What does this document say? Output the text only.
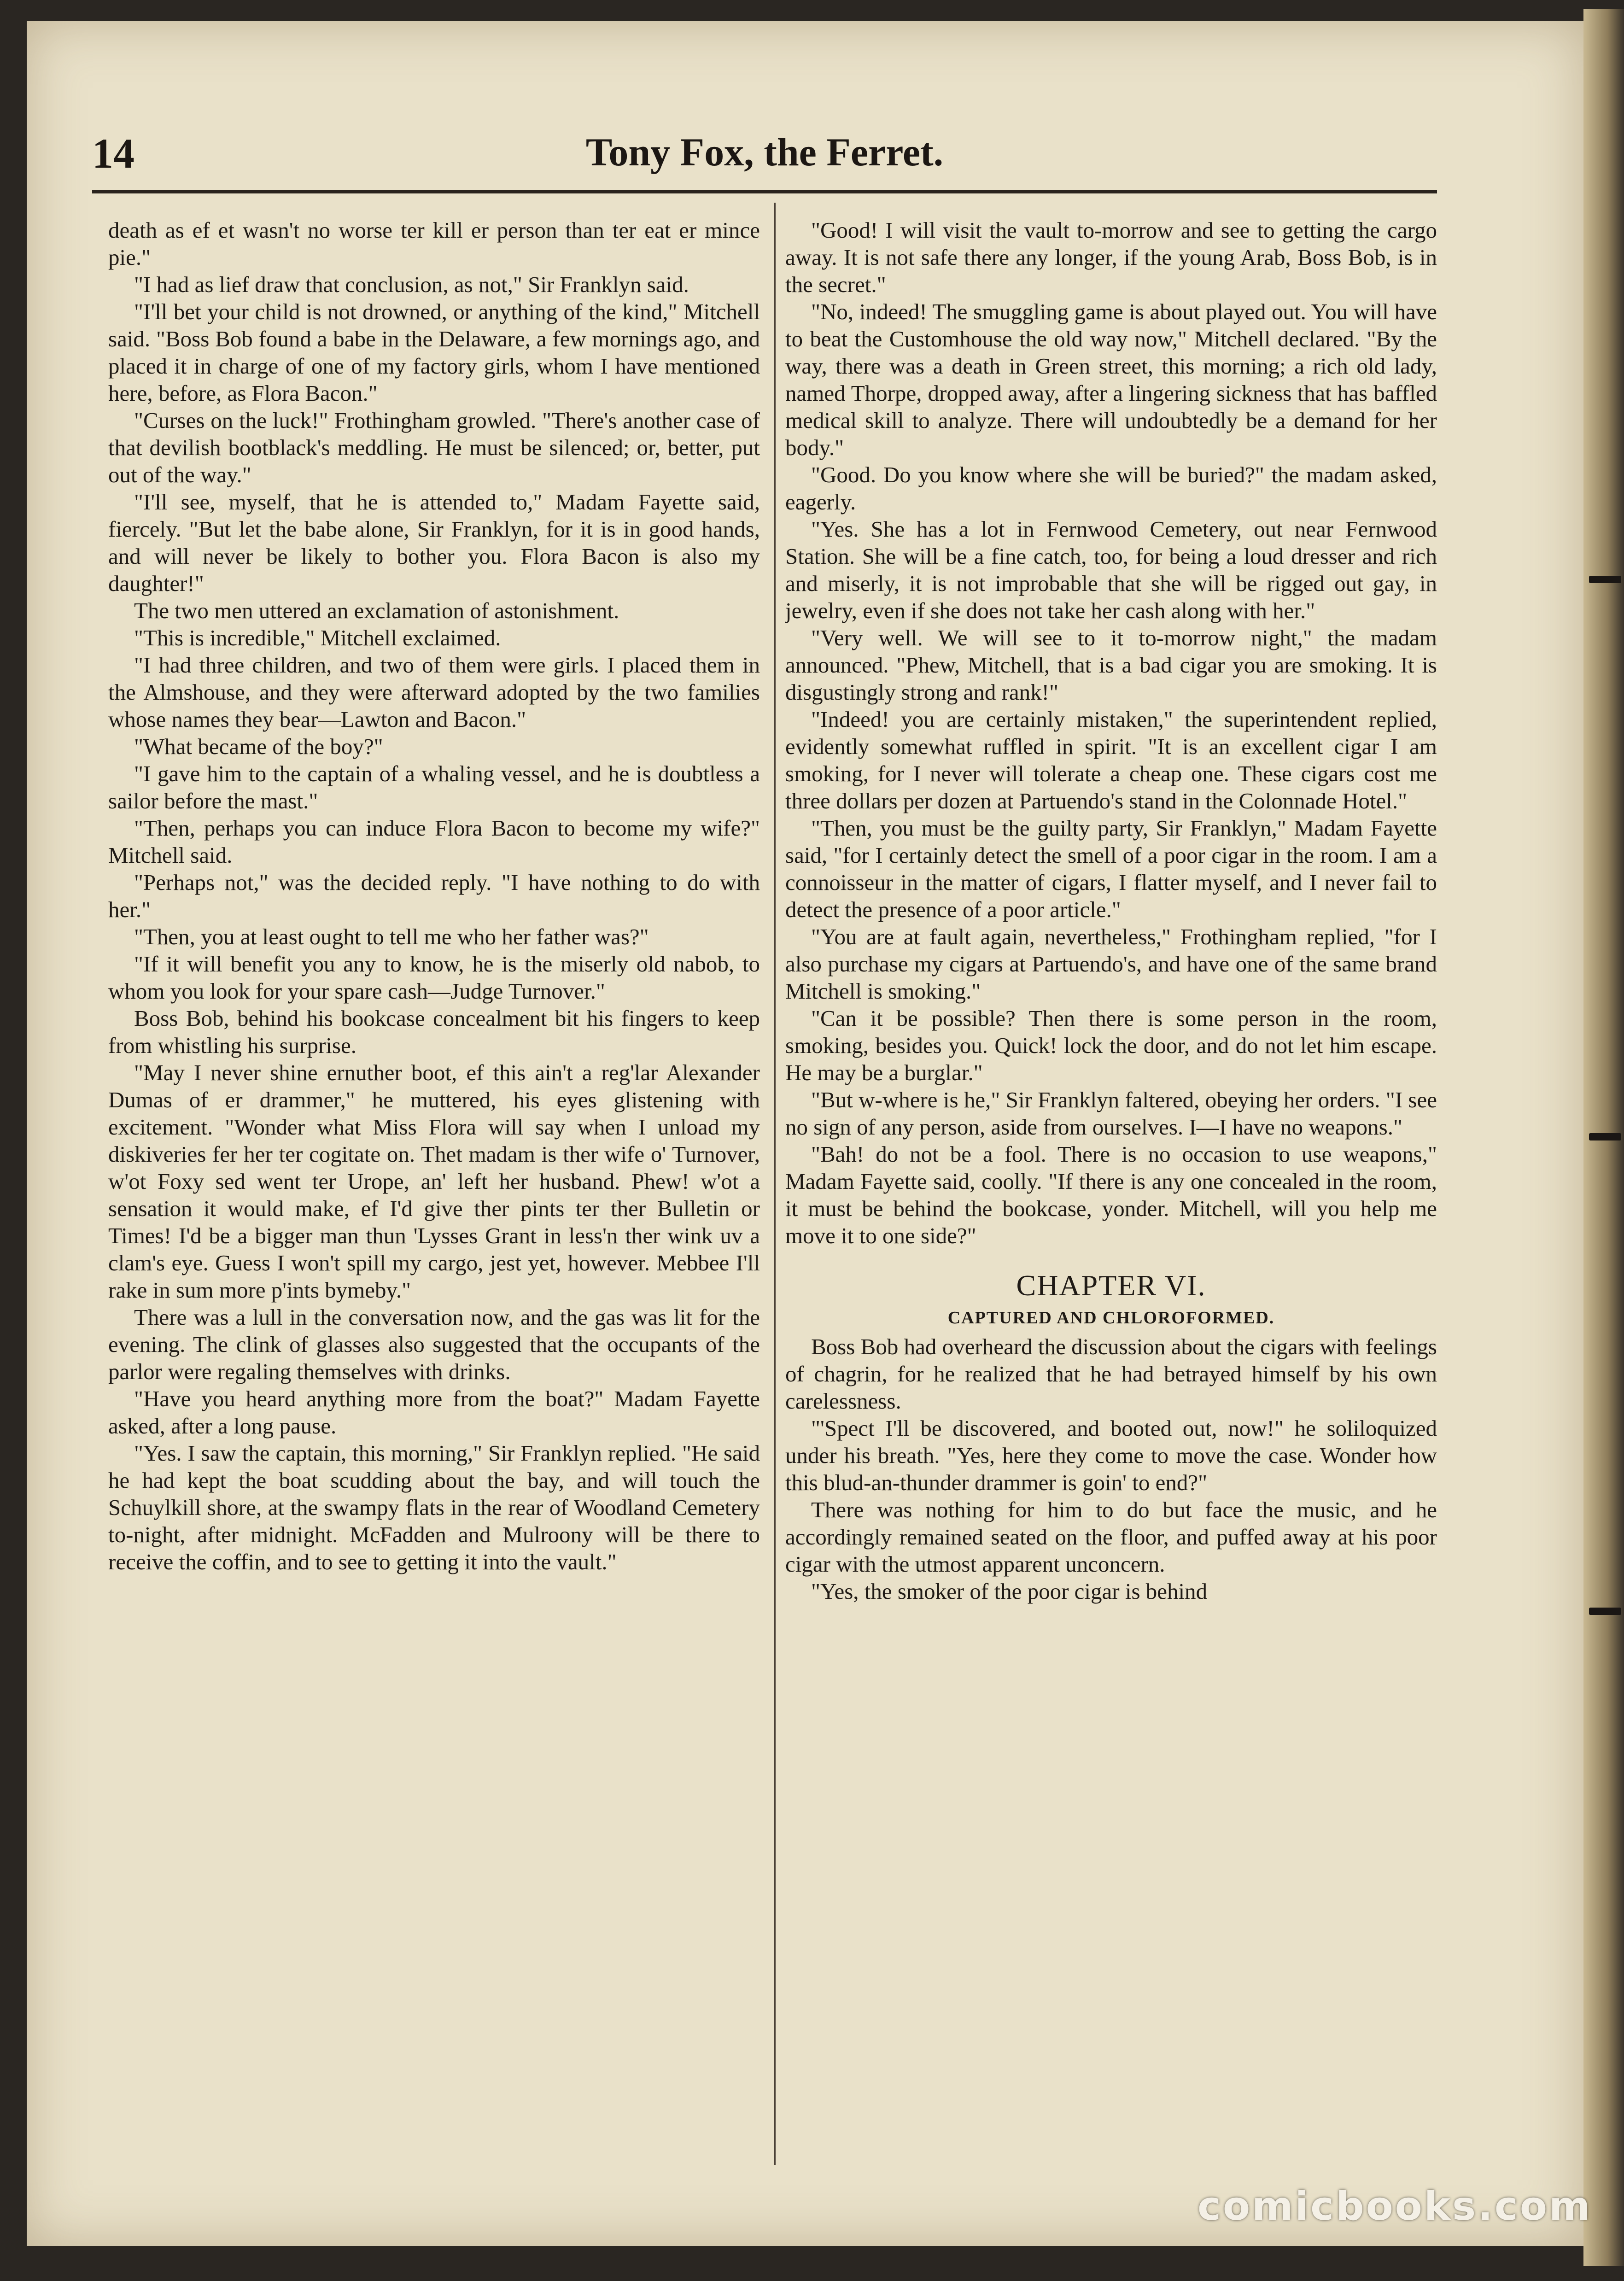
14	Tony Fox, the Ferret.

death as ef et wasn't no worse ter kill er person than ter eat er mince pie."

"I had as lief draw that conclusion, as not," Sir Franklyn said.

"I'll bet your child is not drowned, or anything of the kind," Mitchell said. "Boss Bob found a babe in the Delaware, a few mornings ago, and placed it in charge of one of my factory girls, whom I have mentioned here, before, as Flora Bacon."

"Curses on the luck!" Frothingham growled. "There's another case of that devilish bootblack's meddling. He must be silenced; or, better, put out of the way."

"I'll see, myself, that he is attended to," Madam Fayette said, fiercely. "But let the babe alone, Sir Franklyn, for it is in good hands, and will never be likely to bother you. Flora Bacon is also my daughter!"

The two men uttered an exclamation of astonishment.

"This is incredible," Mitchell exclaimed.

"I had three children, and two of them were girls. I placed them in the Almshouse, and they were afterward adopted by the two families whose names they bear—Lawton and Bacon."

"What became of the boy?"

"I gave him to the captain of a whaling vessel, and he is doubtless a sailor before the mast."

"Then, perhaps you can induce Flora Bacon to become my wife?" Mitchell said.

"Perhaps not," was the decided reply. "I have nothing to do with her."

"Then, you at least ought to tell me who her father was?"

"If it will benefit you any to know, he is the miserly old nabob, to whom you look for your spare cash—Judge Turnover."

Boss Bob, behind his bookcase concealment bit his fingers to keep from whistling his surprise.

"May I never shine ernuther boot, ef this ain't a reg'lar Alexander Dumas of er drammer," he muttered, his eyes glistening with excitement. "Wonder what Miss Flora will say when I unload my diskiveries fer her ter cogitate on. Thet madam is ther wife o' Turnover, w'ot Foxy sed went ter Urope, an' left her husband. Phew! w'ot a sensation it would make, ef I'd give ther pints ter ther Bulletin or Times! I'd be a bigger man thun 'Lysses Grant in less'n ther wink uv a clam's eye. Guess I won't spill my cargo, jest yet, however. Mebbee I'll rake in sum more p'ints bymeby."

There was a lull in the conversation now, and the gas was lit for the evening. The clink of glasses also suggested that the occupants of the parlor were regaling themselves with drinks.

"Have you heard anything more from the boat?" Madam Fayette asked, after a long pause.

"Yes. I saw the captain, this morning," Sir Franklyn replied. "He said he had kept the boat scudding about the bay, and will touch the Schuylkill shore, at the swampy flats in the rear of Woodland Cemetery to-night, after midnight. McFadden and Mulroony will be there to receive the coffin, and to see to getting it into the vault."

"Good! I will visit the vault to-morrow and see to getting the cargo away. It is not safe there any longer, if the young Arab, Boss Bob, is in the secret."

"No, indeed! The smuggling game is about played out. You will have to beat the Customhouse the old way now," Mitchell declared. "By the way, there was a death in Green street, this morning; a rich old lady, named Thorpe, dropped away, after a lingering sickness that has baffled medical skill to analyze. There will undoubtedly be a demand for her body."

"Good. Do you know where she will be buried?" the madam asked, eagerly.

"Yes. She has a lot in Fernwood Cemetery, out near Fernwood Station. She will be a fine catch, too, for being a loud dresser and rich and miserly, it is not improbable that she will be rigged out gay, in jewelry, even if she does not take her cash along with her."

"Very well. We will see to it to-morrow night," the madam announced. "Phew, Mitchell, that is a bad cigar you are smoking. It is disgustingly strong and rank!"

"Indeed! you are certainly mistaken," the superintendent replied, evidently somewhat ruffled in spirit. "It is an excellent cigar I am smoking, for I never will tolerate a cheap one. These cigars cost me three dollars per dozen at Partuendo's stand in the Colonnade Hotel."

"Then, you must be the guilty party, Sir Franklyn," Madam Fayette said, "for I certainly detect the smell of a poor cigar in the room. I am a connoisseur in the matter of cigars, I flatter myself, and I never fail to detect the presence of a poor article."

"You are at fault again, nevertheless," Frothingham replied, "for I also purchase my cigars at Partuendo's, and have one of the same brand Mitchell is smoking."

"Can it be possible? Then there is some person in the room, smoking, besides you. Quick! lock the door, and do not let him escape. He may be a burglar."

"But w-where is he," Sir Franklyn faltered, obeying her orders. "I see no sign of any person, aside from ourselves. I—I have no weapons."

"Bah! do not be a fool. There is no occasion to use weapons," Madam Fayette said, coolly. "If there is any one concealed in the room, it must be behind the bookcase, yonder. Mitchell, will you help me move it to one side?"

CHAPTER VI.
CAPTURED AND CHLOROFORMED.

Boss Bob had overheard the discussion about the cigars with feelings of chagrin, for he realized that he had betrayed himself by his own carelessness.

"'Spect I'll be discovered, and booted out, now!" he soliloquized under his breath. "Yes, here they come to move the case. Wonder how this blud-an-thunder drammer is goin' to end?"

There was nothing for him to do but face the music, and he accordingly remained seated on the floor, and puffed away at his poor cigar with the utmost apparent unconcern.

"Yes, the smoker of the poor cigar is behind

comicbooks.com
